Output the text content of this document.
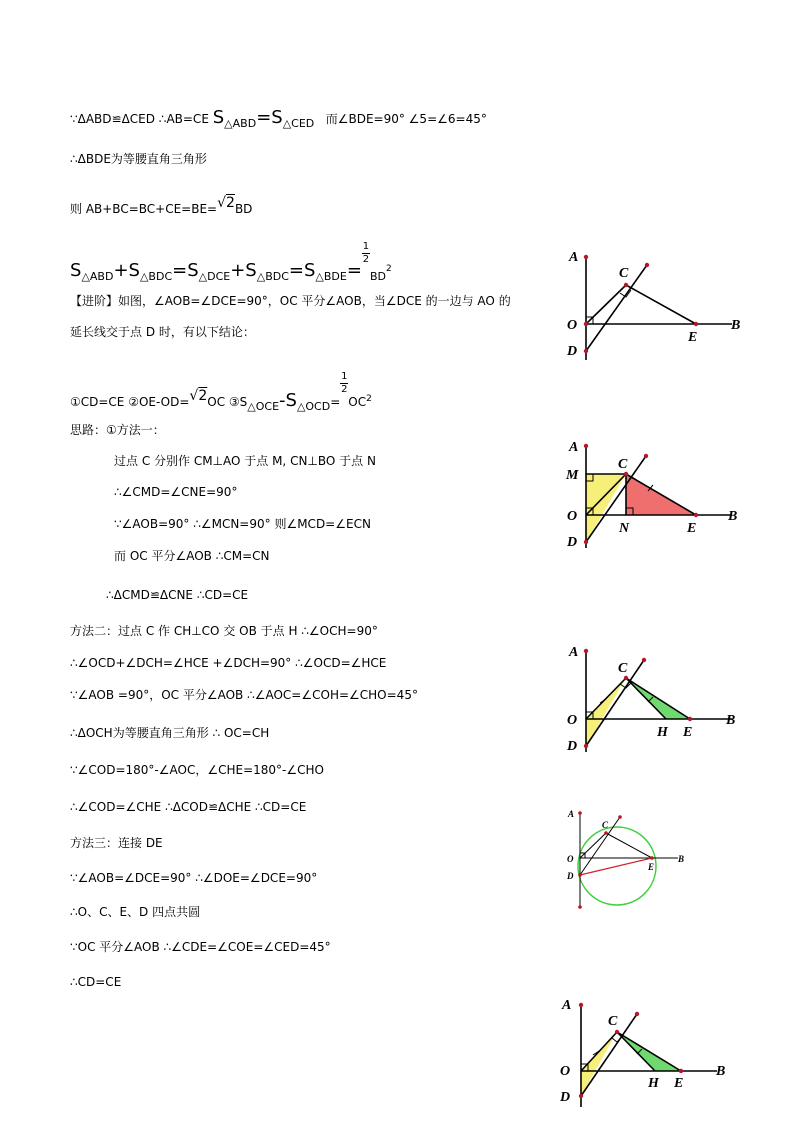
∵ΔABD≌ΔCED ∴AB=CE S△ABD=S△CED 而∠BDE=90° ∠5=∠6=45°
∴ΔBDE为等腰直角三角形
则 AB+BC=BC+CE=BE=√2BD
$S\triangle ABD+S\triangle BDC=S\triangle DCE+S\triangle BDC=S\triangle BDE=\frac{1}{2}BD^2$
【进阶】如图，∠AOB=∠DCE=90°，OC 平分∠AOB，当∠DCE 的一边与 AO 的
延长线交于点 D 时，有以下结论：
①CD=CE ②OE-OD=√2OC $③S\triangle OCE-S\triangle OCD=\frac{1}{2}OC^2$
思路：①方法一：
过点 C 分别作 CM⊥AO 于点 M, CN⊥BO 于点 N
∴∠CMD=∠CNE=90°
∵∠AOB=90° ∴∠MCN=90° 则∠MCD=∠ECN
而 OC 平分∠AOB ∴CM=CN
∴ΔCMD≌ΔCNE ∴CD=CE
方法二：过点 C 作 CH⊥CO 交 OB 于点 H ∴∠OCH=90°
∴∠OCD+∠DCH=∠HCE +∠DCH=90° ∴∠OCD=∠HCE
∵∠AOB =90°，OC 平分∠AOB ∴∠AOC=∠COH=∠CHO=45°
∴ΔOCH为等腰直角三角形 ∴ OC=CH
∵∠COD=180°-∠AOC，∠CHE=180°-∠CHO
∴∠COD=∠CHE ∴ΔCOD≌ΔCHE ∴CD=CE
方法三：连接 DE
∵∠AOB=∠DCE=90° ∴∠DOE=∠DCE=90°
∴O、C、E、D 四点共圆
∵OC 平分∠AOB ∴∠CDE=∠COE=∠CED=45°
∴CD=CE
A
C
O
D
E
B
A
M
C
O
D
N	E
B
A
C
O
D
H E
B
A
C
O
D
E
B
A
C
O
D
H E
B
